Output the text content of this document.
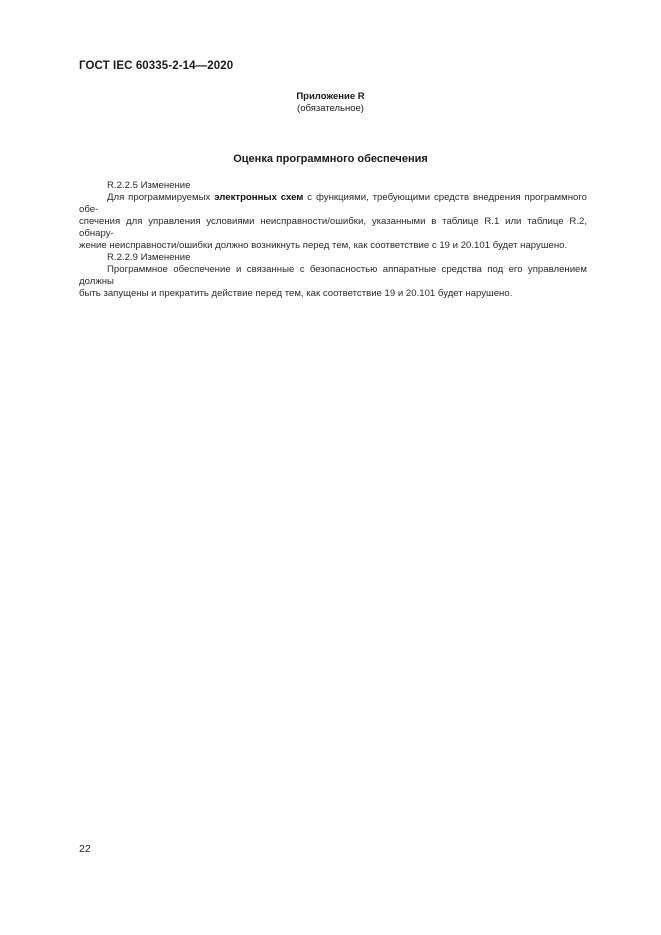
ГОСТ IEC 60335-2-14—2020
Приложение R
(обязательное)
Оценка программного обеспечения

R.2.2.5 Изменение

Для программируемых электронных схем с функциями, требующими средств внедрения программного обе-
спечения для управления условиями неисправности/ошибки, указанными в таблице R.1 или таблице R.2, обнару-
жение неисправности/ошибки должно возникнуть перед тем, как соответствие с 19 и 20.101 будет нарушено.

R.2.2.9 Изменение

Программное обеспечение и связанные с безопасностью аппаратные средства под его управлением должны
быть запущены и прекратить действие перед тем, как соответствие 19 и 20.101 будет нарушено.

22
